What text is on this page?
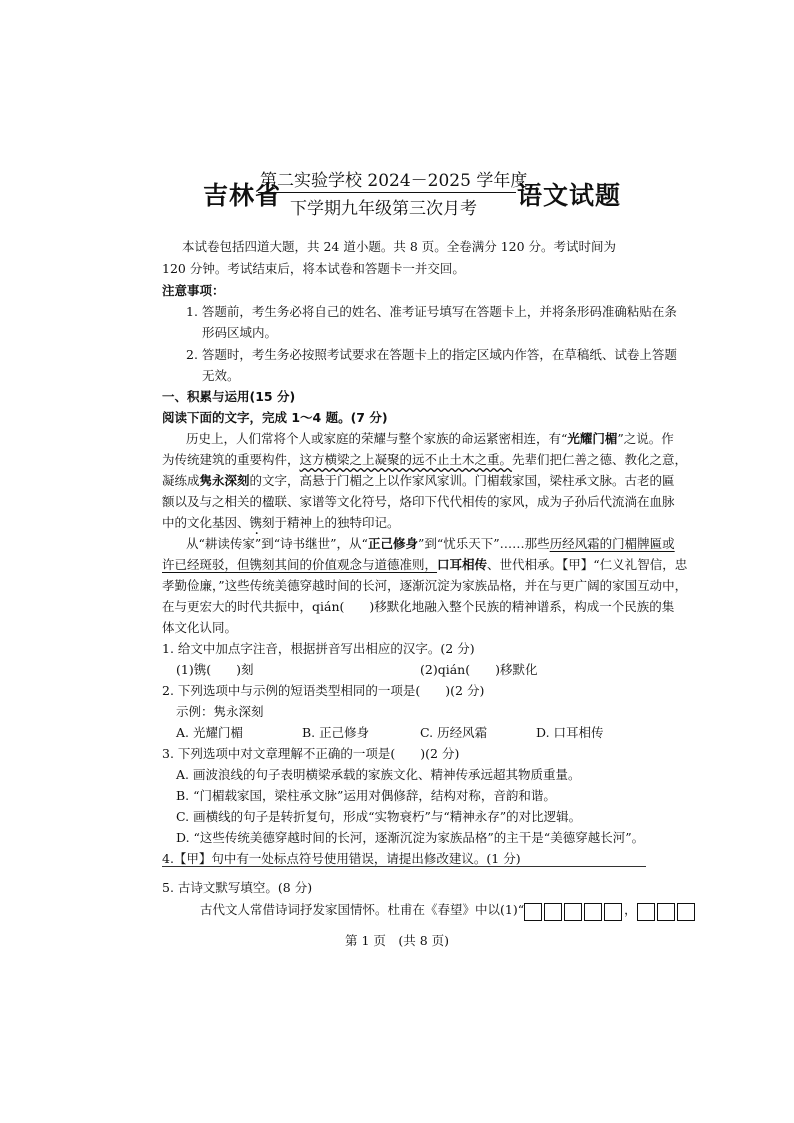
吉林省
第二实验学校 2024－2025 学年度
下学期九年级第三次月考 语文试题
本试卷包括四道大题，共 24 道小题。共 8 页。全卷满分 120 分。考试时间为
120 分钟。考试结束后，将本试卷和答题卡一并交回。
注意事项：
1. 答题前，考生务必将自己的姓名、准考证号填写在答题卡上，并将条形码准确粘贴在条
形码区域内。
2. 答题时，考生务必按照考试要求在答题卡上的指定区域内作答，在草稿纸、试卷上答题
无效。
一、积累与运用(15 分)
阅读下面的文字，完成 1～4 题。(7 分)
历史上，人们常将个人或家庭的荣耀与整个家族的命运紧密相连，有“光耀门楣”之说。作
为传统建筑的重要构件，这方横梁之上凝聚的远不止土木之重。先辈们把仁善之德、教化之意，
凝练成隽永深刻的文字，高悬于门楣之上以作家风家训。门楣载家国，梁柱承文脉。古老的匾
额以及与之相关的楹联、家谱等文化符号，烙印下代代相传的家风，成为子孙后代流淌在血脉
中的文化基因、镌刻于精神上的独特印记。
从“耕读传家”到“诗书继世”，从“正己修身”到“忧乐天下”……那些历经风霜的门楣牌匾或
许已经斑驳，但镌刻其间的价值观念与道德准则，口耳相传、世代相承。【甲】“仁义礼智信，忠
孝勤俭廉，”这些传统美德穿越时间的长河，逐渐沉淀为家族品格，并在与更广阔的家国互动中，
在与更宏大的时代共振中，qián(　　)移默化地融入整个民族的精神谱系，构成一个民族的集
体文化认同。
1. 给文中加点字注音，根据拼音写出相应的汉字。(2 分)
(1)镌(　　)刻	(2)qián(　　)移默化
2. 下列选项中与示例的短语类型相同的一项是(　　)(2 分)
示例：隽永深刻
A. 光耀门楣	B. 正己修身	C. 历经风霜	D. 口耳相传
3. 下列选项中对文章理解不正确的一项是(　　)(2 分)
A. 画波浪线的句子表明横梁承载的家族文化、精神传承远超其物质重量。
B. “门楣载家国，梁柱承文脉”运用对偶修辞，结构对称，音韵和谐。
C. 画横线的句子是转折复句，形成“实物衰朽”与“精神永存”的对比逻辑。
D. “这些传统美德穿越时间的长河，逐渐沉淀为家族品格”的主干是“美德穿越长河”。
4.【甲】句中有一处标点符号使用错误，请提出修改建议。(1 分)
5. 古诗文默写填空。(8 分)
古代文人常借诗词抒发家国情怀。杜甫在《春望》中以(1)“	，
第 1 页　(共 8 页)
